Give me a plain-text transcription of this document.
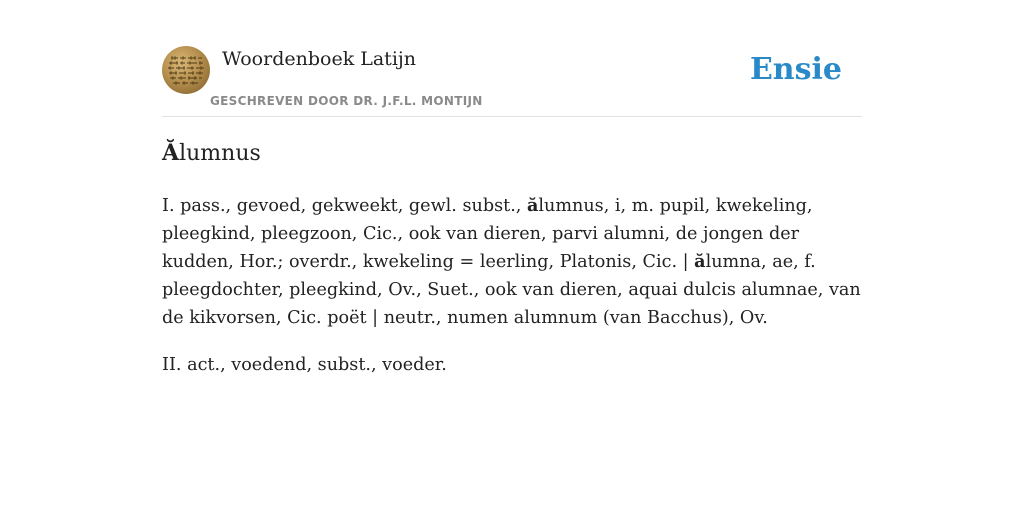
Woordenboek Latijn
GESCHREVEN DOOR DR. J.F.L. MONTIJN
Ensie
Ălumnus

I. pass., gevoed, gekweekt, gewl. subst., ălumnus, i, m. pupil, kwekeling, pleegkind, pleegzoon, Cic., ook van dieren, parvi alumni, de jongen der kudden, Hor.; overdr., kwekeling = leerling, Platonis, Cic. | ălumna, ae, f. pleegdochter, pleegkind, Ov., Suet., ook van dieren, aquai dulcis alumnae, van de kikvorsen, Cic. poët | neutr., numen alumnum (van Bacchus), Ov.

II. act., voedend, subst., voeder.
